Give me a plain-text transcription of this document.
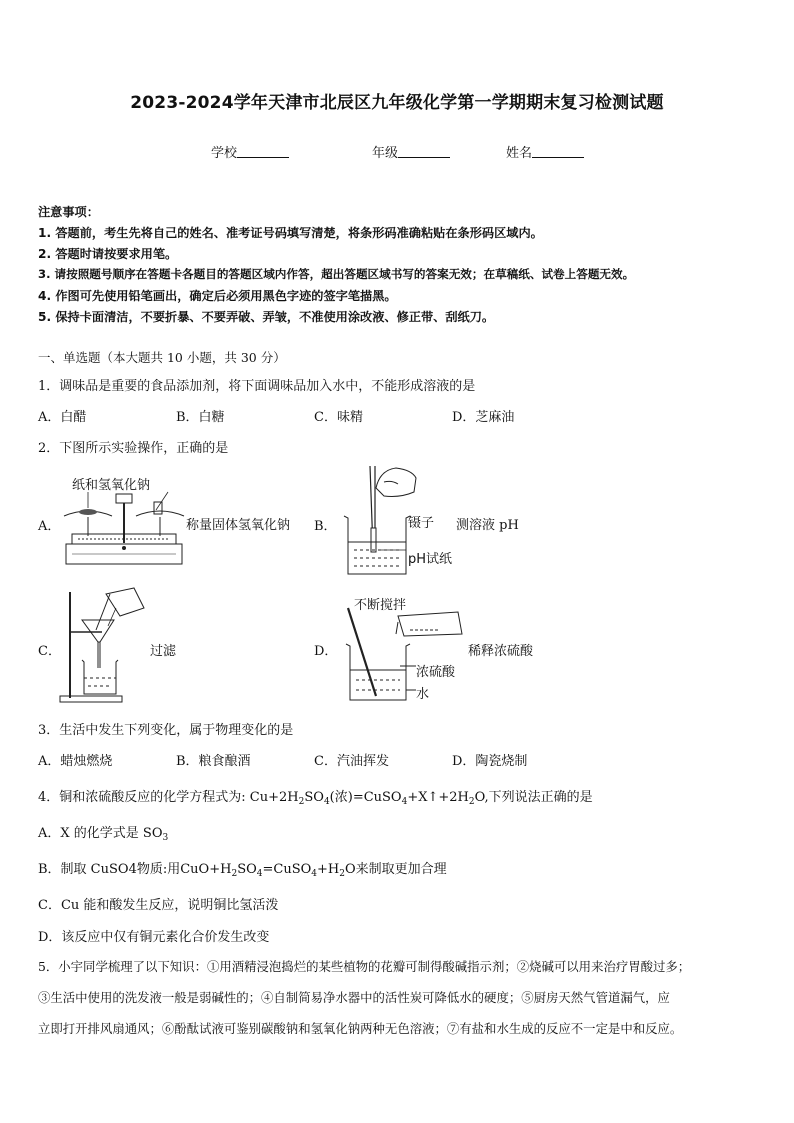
2023-2024学年天津市北辰区九年级化学第一学期期末复习检测试题
学校	年级	姓名
注意事项：
1. 答题前，考生先将自己的姓名、准考证号码填写清楚，将条形码准确粘贴在条形码区域内。
2. 答题时请按要求用笔。
3. 请按照题号顺序在答题卡各题目的答题区域内作答，超出答题区域书写的答案无效；在草稿纸、试卷上答题无效。
4. 作图可先使用铅笔画出，确定后必须用黑色字迹的签字笔描黑。
5. 保持卡面清洁，不要折暴、不要弄破、弄皱，不准使用涂改液、修正带、刮纸刀。
一、单选题（本大题共 10 小题，共 30 分）
1．调味品是重要的食品添加剂，将下面调味品加入水中，不能形成溶液的是
A．白醋	B．白糖	C．味精	D．芝麻油
2．下图所示实验操作，正确的是
A．
纸和氢氧化钠
称量固体氢氧化钠 B．	镊子 测溶液 pH
pH试纸
C．	过滤	D．
不断搅拌
稀释浓硫酸
浓硫酸
水
3．生活中发生下列变化，属于物理变化的是
A．蜡烛燃烧	B．粮食酿酒	C．汽油挥发	D．陶瓷烧制
4．铜和浓硫酸反应的化学方程式为: $Cu+2H_2SO_4$(浓)$=CuSO_4+X↑+2H_2O$,下列说法正确的是
A．X 的化学式是 $SO_3$
B．制取 CuSO4物质:用$CuO+H_2SO_4=CuSO_4+H_2O$来制取更加合理
C．Cu 能和酸发生反应，说明铜比氢活泼
D．该反应中仅有铜元素化合价发生改变
5．小宇同学梳理了以下知识：①用酒精浸泡捣烂的某些植物的花瓣可制得酸碱指示剂；②烧碱可以用来治疗胃酸过多；
③生活中使用的洗发液一般是弱碱性的；④自制简易净水器中的活性炭可降低水的硬度；⑤厨房天然气管道漏气，应
立即打开排风扇通风；⑥酚酞试液可鉴别碳酸钠和氢氧化钠两种无色溶液；⑦有盐和水生成的反应不一定是中和反应。
